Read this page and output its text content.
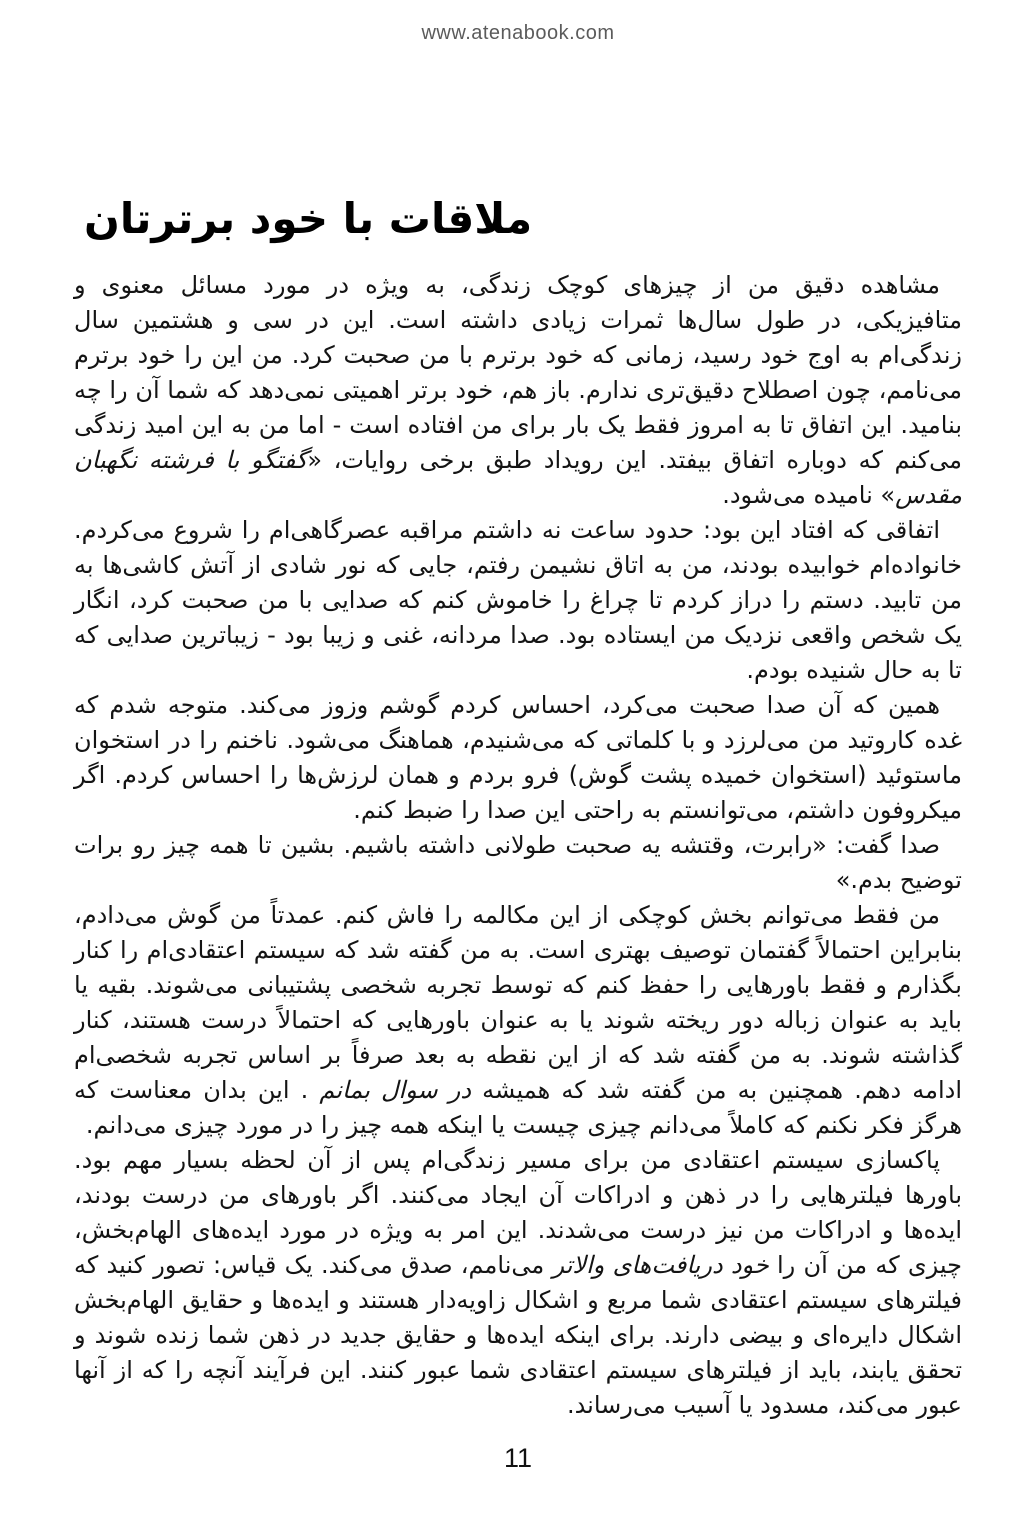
www.atenabook.com
ملاقات با خود برترتان

مشاهده دقیق من از چیزهای کوچک زندگی، به ویژه در مورد مسائل معنوی و متافیزیکی، در طول سال‌ها ثمرات زیادی داشته است. این در سی و هشتمین سال زندگی‌ام به اوج خود رسید، زمانی که خود برترم با من صحبت کرد. من این را خود برترم می‌نامم، چون اصطلاح دقیق‌تری ندارم. باز هم، خود برتر اهمیتی نمی‌دهد که شما آن را چه بنامید. این اتفاق تا به امروز فقط یک بار برای من افتاده است - اما من به این امید زندگی می‌کنم که دوباره اتفاق بیفتد. این رویداد طبق برخی روایات، «گفتگو با فرشته نگهبان مقدس» نامیده می‌شود.

اتفاقی که افتاد این بود: حدود ساعت نه داشتم مراقبه عصرگاهی‌ام را شروع می‌کردم. خانواده‌ام خوابیده بودند، من به اتاق نشیمن رفتم، جایی که نور شادی از آتش کاشی‌ها به من تابید. دستم را دراز کردم تا چراغ را خاموش کنم که صدایی با من صحبت کرد، انگار یک شخص واقعی نزدیک من ایستاده بود. صدا مردانه، غنی و زیبا بود - زیباترین صدایی که تا به حال شنیده بودم.

همین که آن صدا صحبت می‌کرد، احساس کردم گوشم وزوز می‌کند. متوجه شدم که غده کاروتید من می‌لرزد و با کلماتی که می‌شنیدم، هماهنگ می‌شود. ناخنم را در استخوان ماستوئید (استخوان خمیده پشت گوش) فرو بردم و همان لرزش‌ها را احساس کردم. اگر میکروفون داشتم، می‌توانستم به راحتی این صدا را ضبط کنم.

صدا گفت: «رابرت، وقتشه یه صحبت طولانی داشته باشیم. بشین تا همه چیز رو برات توضیح بدم.»

من فقط می‌توانم بخش کوچکی از این مکالمه را فاش کنم. عمدتاً من گوش می‌دادم، بنابراین احتمالاً گفتمان توصیف بهتری است. به من گفته شد که سیستم اعتقادی‌ام را کنار بگذارم و فقط باورهایی را حفظ کنم که توسط تجربه شخصی پشتیبانی می‌شوند. بقیه یا باید به عنوان زباله دور ریخته شوند یا به عنوان باورهایی که احتمالاً درست هستند، کنار گذاشته شوند. به من گفته شد که از این نقطه به بعد صرفاً بر اساس تجربه شخصی‌ام ادامه دهم. همچنین به من گفته شد که همیشه در سوال بمانم . این بدان معناست که هرگز فکر نکنم که کاملاً می‌دانم چیزی چیست یا اینکه همه چیز را در مورد چیزی می‌دانم.

پاکسازی سیستم اعتقادی من برای مسیر زندگی‌ام پس از آن لحظه بسیار مهم بود. باورها فیلترهایی را در ذهن و ادراکات آن ایجاد می‌کنند. اگر باورهای من درست بودند، ایده‌ها و ادراکات من نیز درست می‌شدند. این امر به ویژه در مورد ایده‌های الهام‌بخش، چیزی که من آن را خود دریافت‌های والاتر می‌نامم، صدق می‌کند. یک قیاس: تصور کنید که فیلترهای سیستم اعتقادی شما مربع و اشکال زاویه‌دار هستند و ایده‌ها و حقایق الهام‌بخش اشکال دایره‌ای و بیضی دارند. برای اینکه ایده‌ها و حقایق جدید در ذهن شما زنده شوند و تحقق یابند، باید از فیلترهای سیستم اعتقادی شما عبور کنند. این فرآیند آنچه را که از آنها عبور می‌کند، مسدود یا آسیب می‌رساند.

11
